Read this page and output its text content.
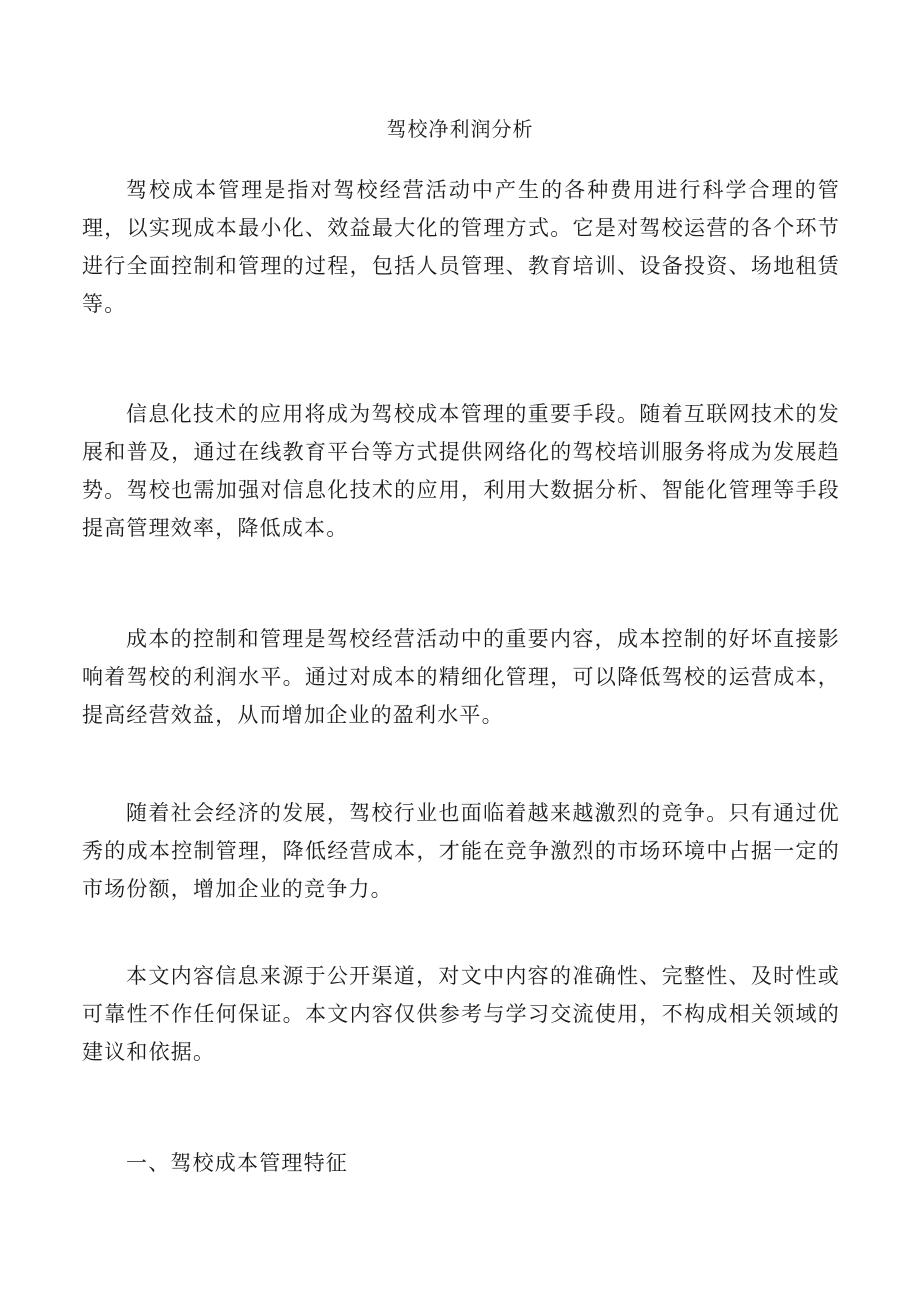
驾校净利润分析

驾校成本管理是指对驾校经营活动中产生的各种费用进行科学合理的管理，以实现成本最小化、效益最大化的管理方式。它是对驾校运营的各个环节进行全面控制和管理的过程，包括人员管理、教育培训、设备投资、场地租赁等。

信息化技术的应用将成为驾校成本管理的重要手段。随着互联网技术的发展和普及，通过在线教育平台等方式提供网络化的驾校培训服务将成为发展趋势。驾校也需加强对信息化技术的应用，利用大数据分析、智能化管理等手段提高管理效率，降低成本。

成本的控制和管理是驾校经营活动中的重要内容，成本控制的好坏直接影响着驾校的利润水平。通过对成本的精细化管理，可以降低驾校的运营成本，提高经营效益，从而增加企业的盈利水平。

随着社会经济的发展，驾校行业也面临着越来越激烈的竞争。只有通过优秀的成本控制管理，降低经营成本，才能在竞争激烈的市场环境中占据一定的市场份额，增加企业的竞争力。

本文内容信息来源于公开渠道，对文中内容的准确性、完整性、及时性或可靠性不作任何保证。本文内容仅供参考与学习交流使用，不构成相关领域的建议和依据。

一、驾校成本管理特征
